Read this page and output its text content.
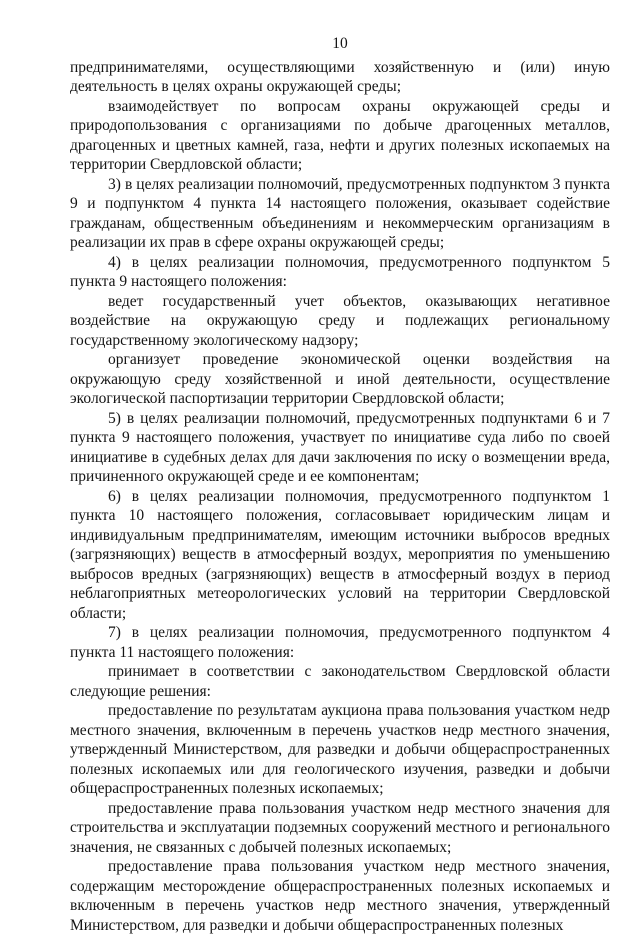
10

предпринимателями, осуществляющими хозяйственную и (или) иную деятельность в целях охраны окружающей среды;

взаимодействует по вопросам охраны окружающей среды и природопользования с организациями по добыче драгоценных металлов, драгоценных и цветных камней, газа, нефти и других полезных ископаемых на территории Свердловской области;

3) в целях реализации полномочий, предусмотренных подпунктом 3 пункта 9 и подпунктом 4 пункта 14 настоящего положения, оказывает содействие гражданам, общественным объединениям и некоммерческим организациям в реализации их прав в сфере охраны окружающей среды;

4) в целях реализации полномочия, предусмотренного подпунктом 5 пункта 9 настоящего положения:

ведет государственный учет объектов, оказывающих негативное воздействие на окружающую среду и подлежащих региональному государственному экологическому надзору;

организует проведение экономической оценки воздействия на окружающую среду хозяйственной и иной деятельности, осуществление экологической паспортизации территории Свердловской области;

5) в целях реализации полномочий, предусмотренных подпунктами 6 и 7 пункта 9 настоящего положения, участвует по инициативе суда либо по своей инициативе в судебных делах для дачи заключения по иску о возмещении вреда, причиненного окружающей среде и ее компонентам;

6) в целях реализации полномочия, предусмотренного подпунктом 1 пункта 10 настоящего положения, согласовывает юридическим лицам и индивидуальным предпринимателям, имеющим источники выбросов вредных (загрязняющих) веществ в атмосферный воздух, мероприятия по уменьшению выбросов вредных (загрязняющих) веществ в атмосферный воздух в период неблагоприятных метеорологических условий на территории Свердловской области;

7) в целях реализации полномочия, предусмотренного подпунктом 4 пункта 11 настоящего положения:

принимает в соответствии с законодательством Свердловской области следующие решения:

предоставление по результатам аукциона права пользования участком недр местного значения, включенным в перечень участков недр местного значения, утвержденный Министерством, для разведки и добычи общераспространенных полезных ископаемых или для геологического изучения, разведки и добычи общераспространенных полезных ископаемых;

предоставление права пользования участком недр местного значения для строительства и эксплуатации подземных сооружений местного и регионального значения, не связанных с добычей полезных ископаемых;

предоставление права пользования участком недр местного значения, содержащим месторождение общераспространенных полезных ископаемых и включенным в перечень участков недр местного значения, утвержденный Министерством, для разведки и добычи общераспространенных полезных
